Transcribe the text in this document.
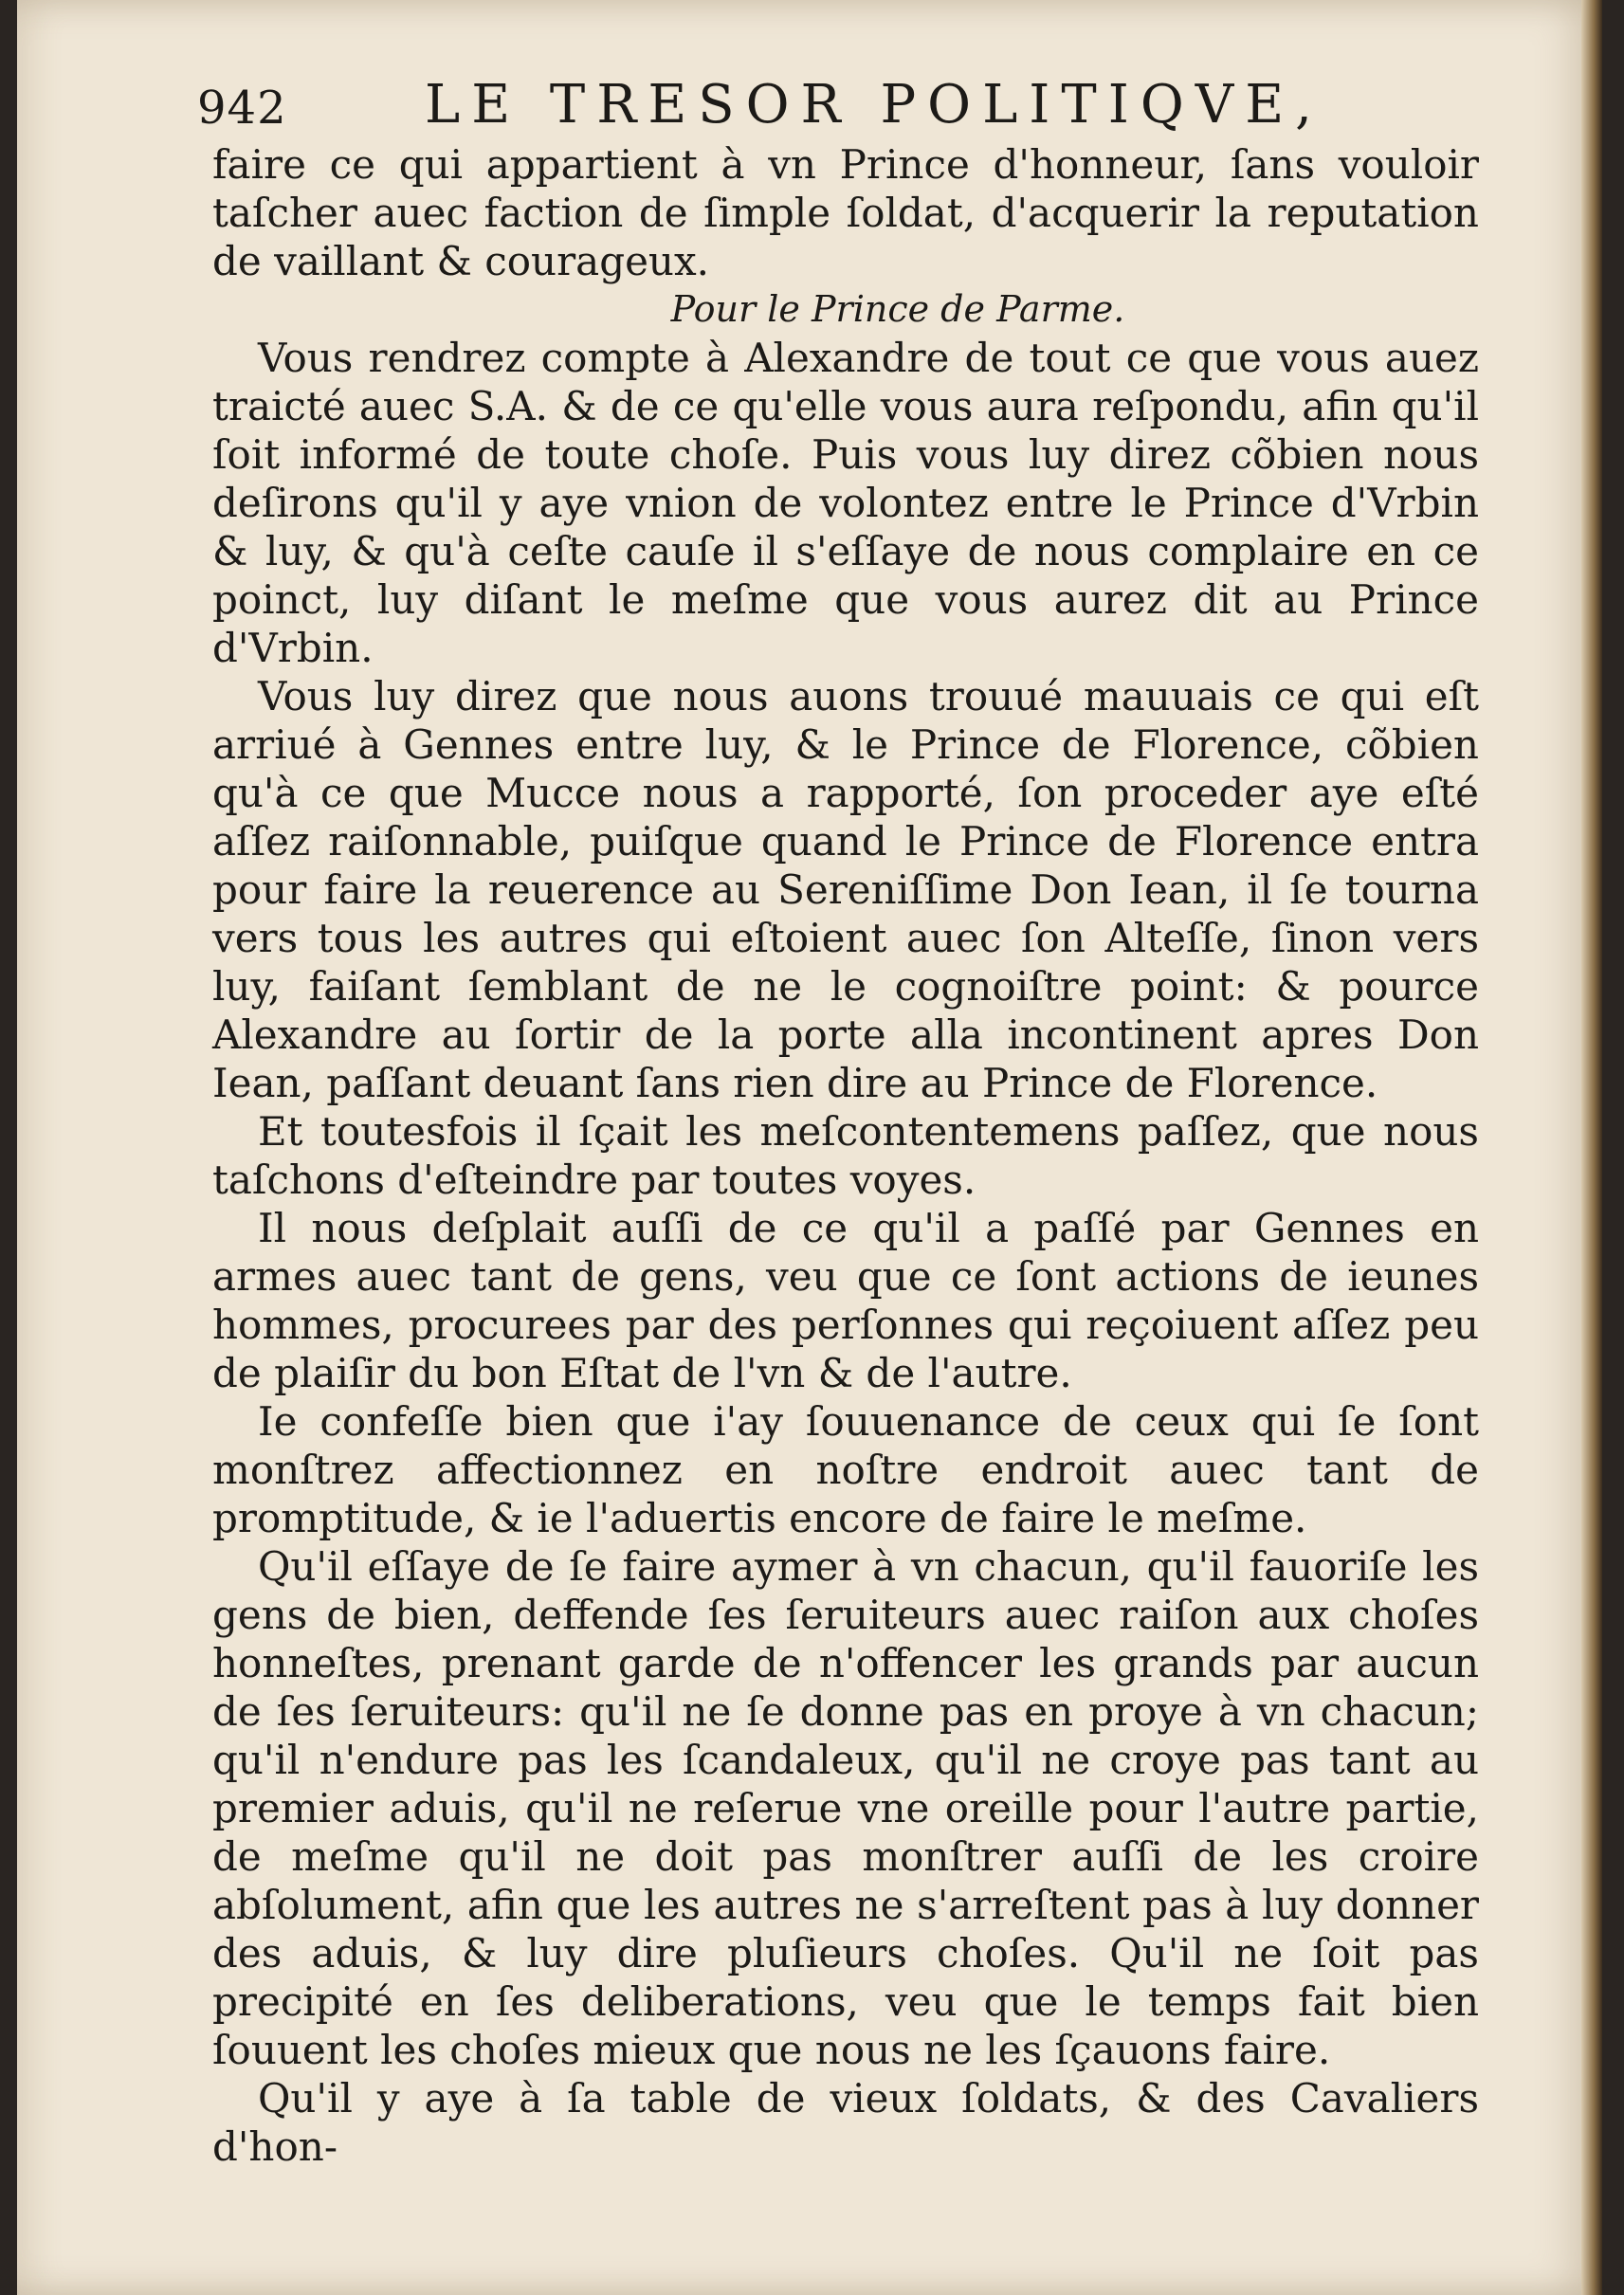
942	LE TRESOR POLITIQVE,

faire ce qui appartient à vn Prince d'honneur, ſans vouloir taſcher auec faction de ſimple ſoldat, d'acquerir la reputation de vaillant & courageux.

Pour le Prince de Parme.

Vous rendrez compte à Alexandre de tout ce que vous auez traicté auec S.A. & de ce qu'elle vous aura reſpondu, afin qu'il ſoit informé de toute choſe. Puis vous luy direz cõbien nous deſirons qu'il y aye vnion de volontez entre le Prince d'Vrbin & luy, & qu'à ceſte cauſe il s'eſſaye de nous complaire en ce poinct, luy diſant le meſme que vous aurez dit au Prince d'Vrbin.

Vous luy direz que nous auons trouué mauuais ce qui eſt arriué à Gennes entre luy, & le Prince de Florence, cõbien qu'à ce que Mucce nous a rapporté, ſon proceder aye eſté aſſez raiſonnable, puiſque quand le Prince de Florence entra pour faire la reuerence au Sereniſſime Don Iean, il ſe tourna vers tous les autres qui eſtoient auec ſon Alteſſe, ſinon vers luy, faiſant ſemblant de ne le cognoiſtre point: & pource Alexandre au ſortir de la porte alla incontinent apres Don Iean, paſſant deuant ſans rien dire au Prince de Florence.

Et toutesfois il ſçait les meſcontentemens paſſez, que nous taſchons d'eſteindre par toutes voyes.

Il nous deſplait auſſi de ce qu'il a paſſé par Gennes en armes auec tant de gens, veu que ce ſont actions de ieunes hommes, procurees par des perſonnes qui reçoiuent aſſez peu de plaiſir du bon Eſtat de l'vn & de l'autre.

Ie confeſſe bien que i'ay ſouuenance de ceux qui ſe ſont monſtrez affectionnez en noſtre endroit auec tant de promptitude, & ie l'aduertis encore de faire le meſme.

Qu'il eſſaye de ſe faire aymer à vn chacun, qu'il fauoriſe les gens de bien, deffende ſes ſeruiteurs auec raiſon aux choſes honneſtes, prenant garde de n'offencer les grands par aucun de ſes ſeruiteurs: qu'il ne ſe donne pas en proye à vn chacun; qu'il n'endure pas les ſcandaleux, qu'il ne croye pas tant au premier aduis, qu'il ne reſerue vne oreille pour l'autre partie, de meſme qu'il ne doit pas monſtrer auſſi de les croire abſolument, afin que les autres ne s'arreſtent pas à luy donner des aduis, & luy dire pluſieurs choſes. Qu'il ne ſoit pas precipité en ſes deliberations, veu que le temps fait bien ſouuent les choſes mieux que nous ne les ſçauons faire.

Qu'il y aye à ſa table de vieux ſoldats, & des Cavaliers d'hon-
